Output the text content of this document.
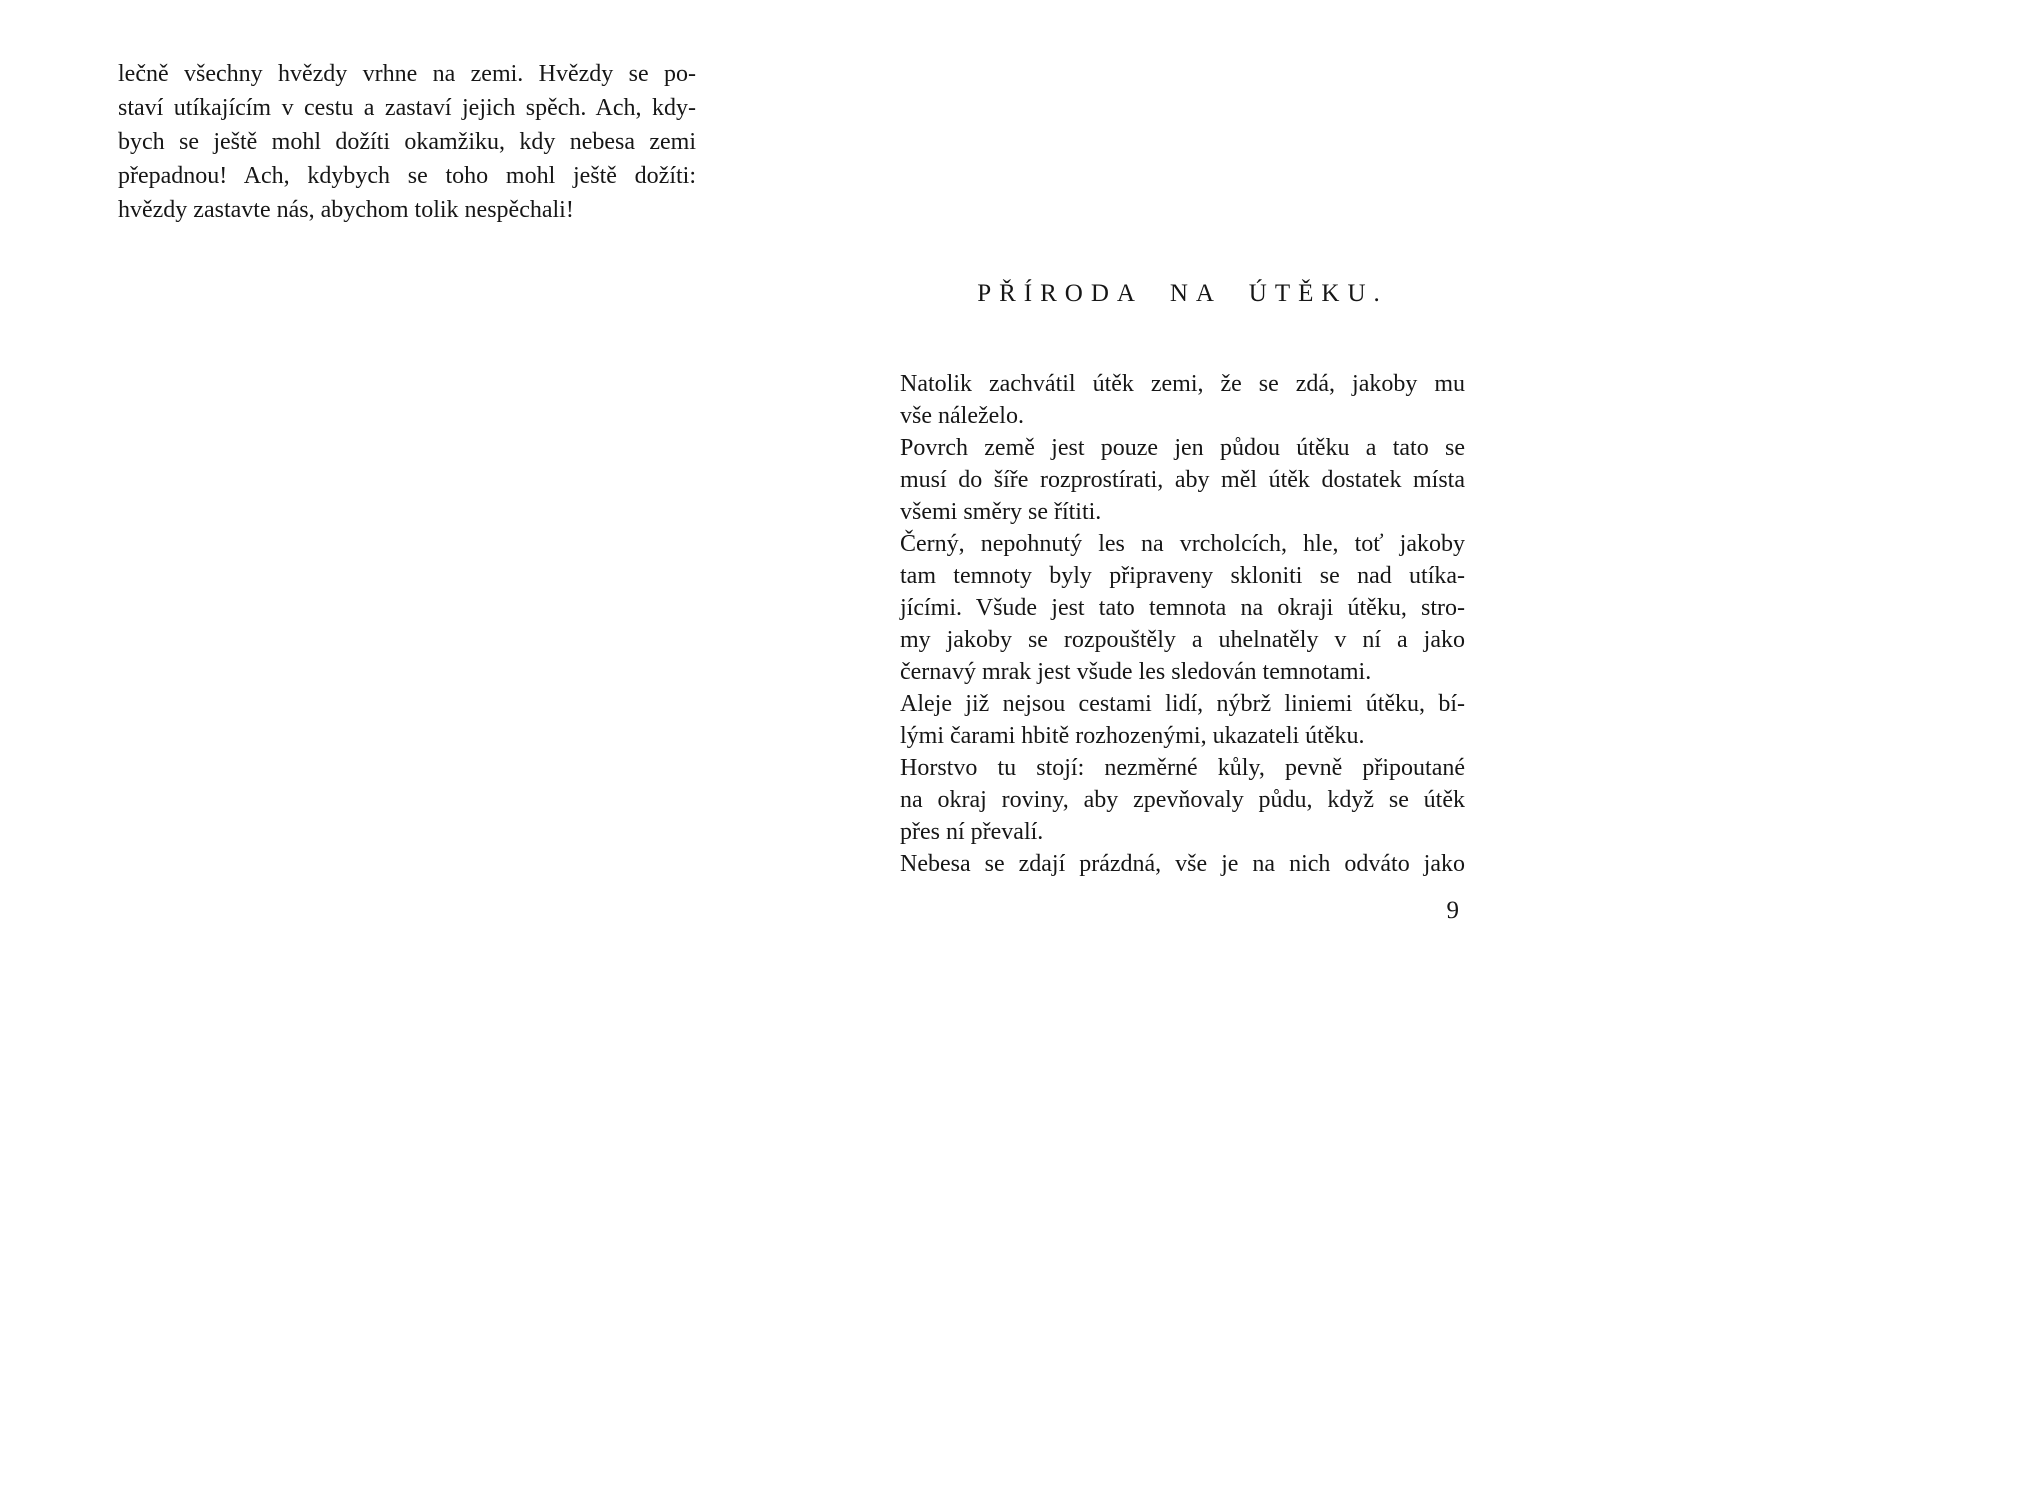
lečně všechny hvězdy vrhne na zemi. Hvězdy se po-
staví utíkajícím v cestu a zastaví jejich spěch. Ach, kdy-
bych se ještě mohl dožíti okamžiku, kdy nebesa zemi
přepadnou! Ach, kdybych se toho mohl ještě dožíti:
hvězdy zastavte nás, abychom tolik nespěchali!
PŘÍRODA NA ÚTĚKU.
Natolik zachvátil útěk zemi, že se zdá, jakoby mu
vše náleželo.
Povrch země jest pouze jen půdou útěku a tato se
musí do šíře rozprostírati, aby měl útěk dostatek místa
všemi směry se řítiti.
Černý, nepohnutý les na vrcholcích, hle, toť jakoby
tam temnoty byly připraveny skloniti se nad utíka-
jícími. Všude jest tato temnota na okraji útěku, stro-
my jakoby se rozpouštěly a uhelnatěly v ní a jako
černavý mrak jest všude les sledován temnotami.
Aleje již nejsou cestami lidí, nýbrž liniemi útěku, bí-
lými čarami hbitě rozhozenými, ukazateli útěku.
Horstvo tu stojí: nezměrné kůly, pevně připoutané
na okraj roviny, aby zpevňovaly půdu, když se útěk
přes ní převalí.
Nebesa se zdají prázdná, vše je na nich odváto jako
9
